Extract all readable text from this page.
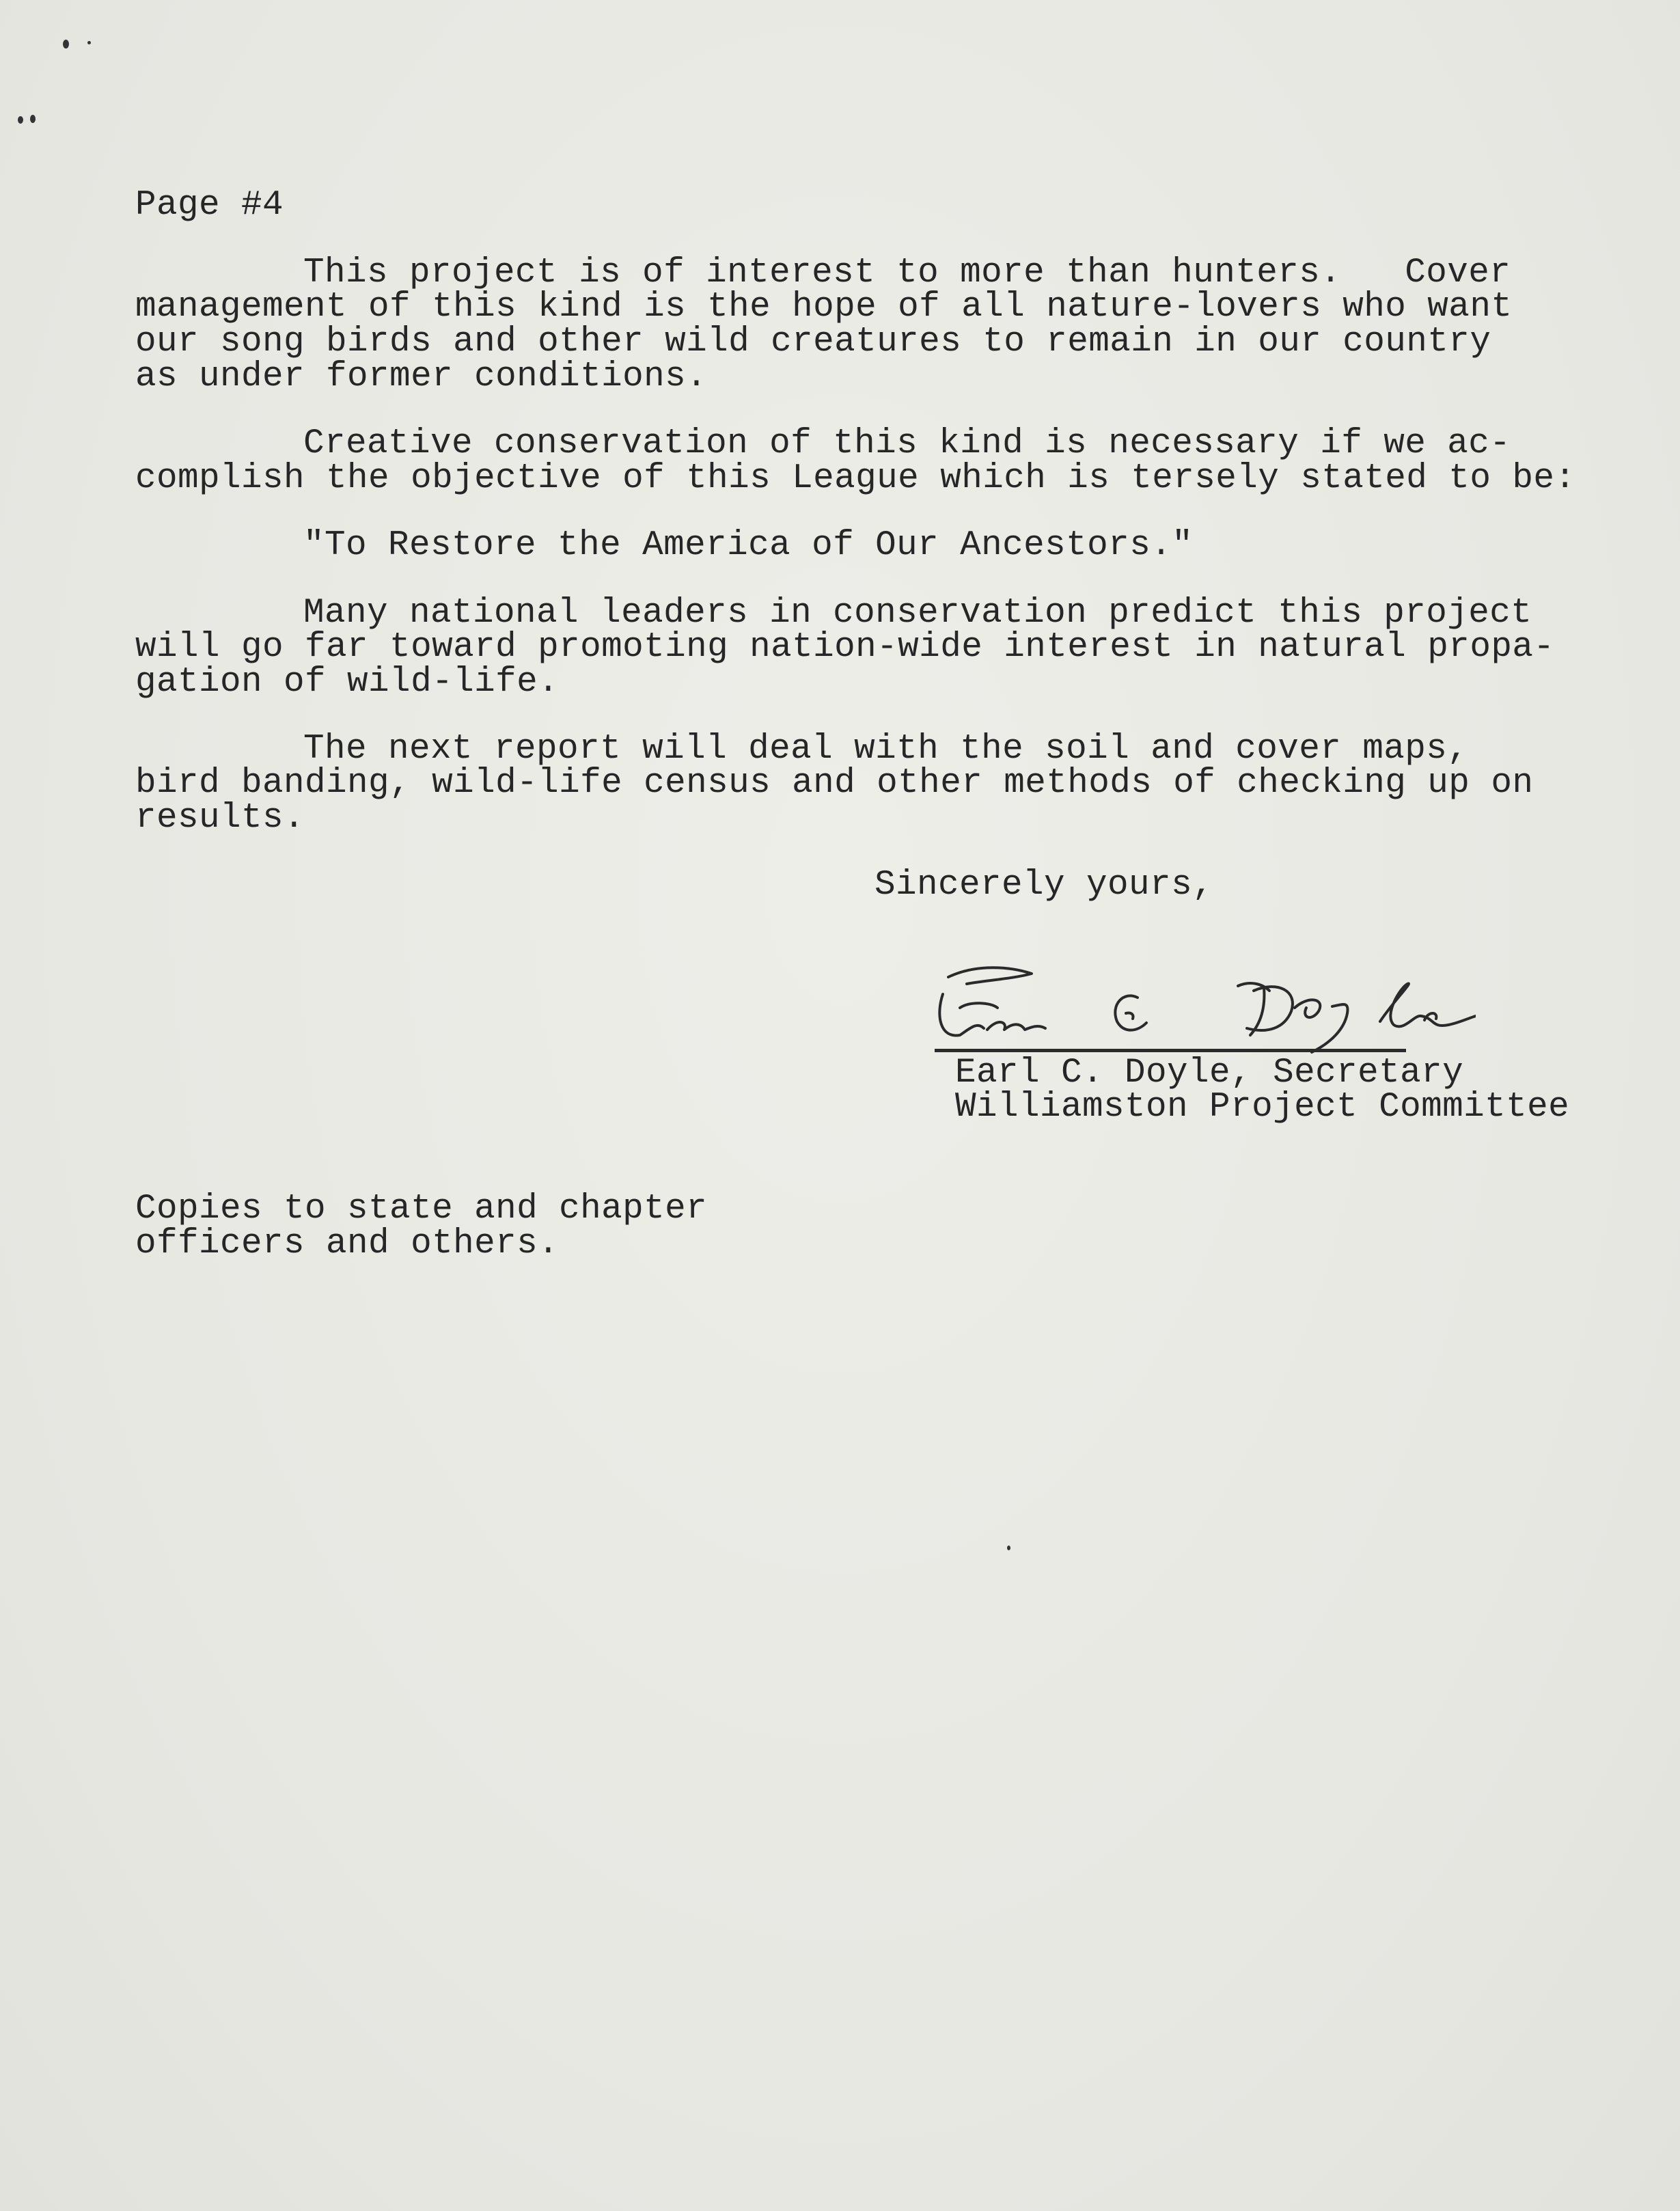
Page #4
This project is of interest to more than hunters.   Cover
management of this kind is the hope of all nature-lovers who want
our song birds and other wild creatures to remain in our country
as under former conditions.
Creative conservation of this kind is necessary if we ac-
complish the objective of this League which is tersely stated to be:
"To Restore the America of Our Ancestors."
Many national leaders in conservation predict this project
will go far toward promoting nation-wide interest in natural propa-
gation of wild-life.
The next report will deal with the soil and cover maps,
bird banding, wild-life census and other methods of checking up on
results.
Sincerely yours,
Earl C. Doyle, Secretary
Williamston Project Committee
Copies to state and chapter
officers and others.
